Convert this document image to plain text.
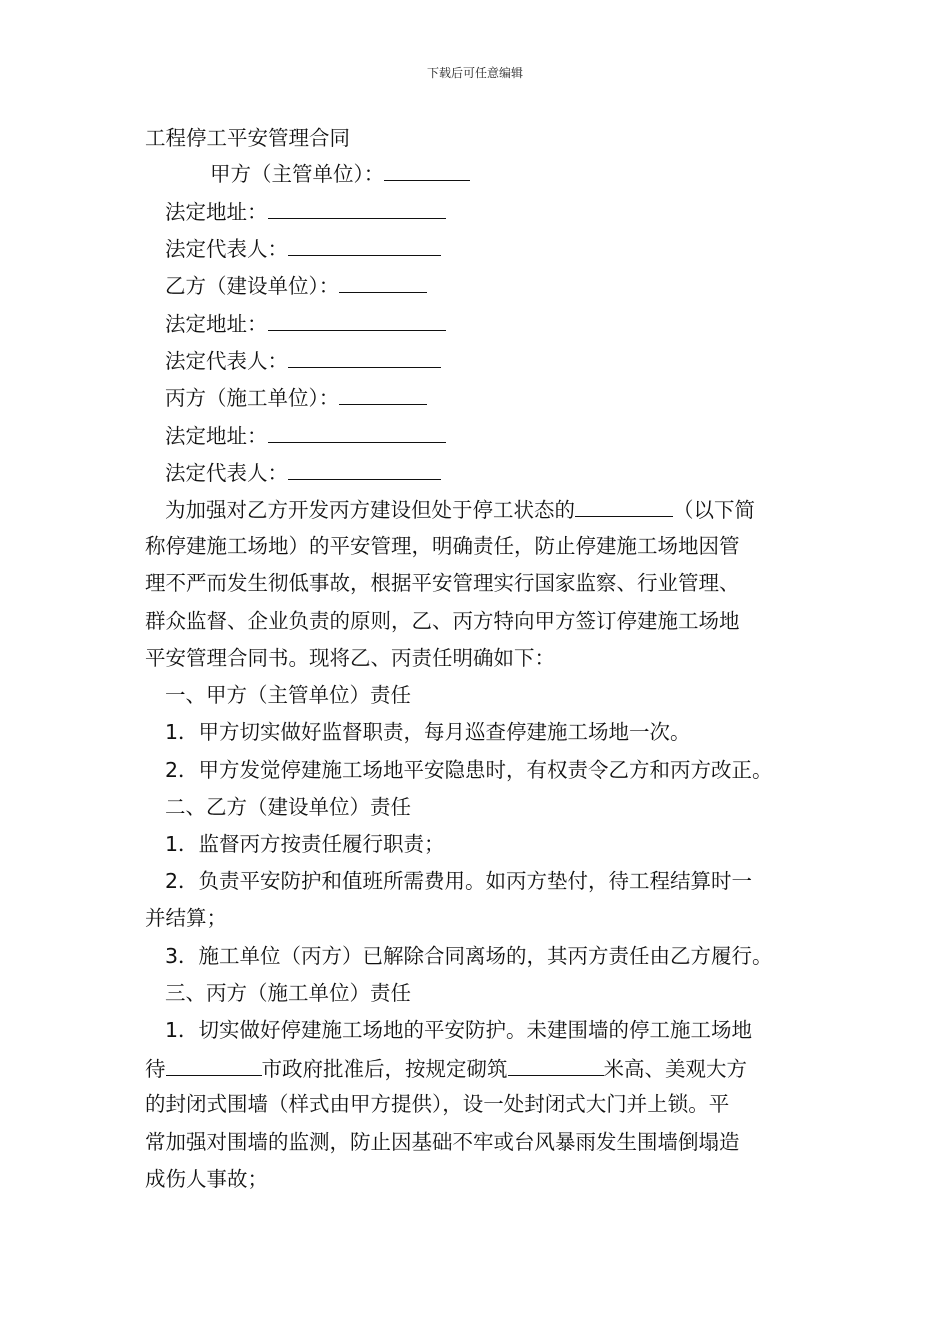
下载后可任意编辑
工程停工平安管理合同
甲方（主管单位）：
法定地址：
法定代表人：
乙方（建设单位）：
法定地址：
法定代表人：
丙方（施工单位）：
法定地址：
法定代表人：
为加强对乙方开发丙方建设但处于停工状态的	（以下简
称停建施工场地）的平安管理，明确责任，防止停建施工场地因管
理不严而发生彻低事故，根据平安管理实行国家监察、行业管理、
群众监督、企业负责的原则，乙、丙方特向甲方签订停建施工场地
平安管理合同书。现将乙、丙责任明确如下：
一、甲方（主管单位）责任
1．甲方切实做好监督职责，每月巡查停建施工场地一次。
2．甲方发觉停建施工场地平安隐患时，有权责令乙方和丙方改正。
二、乙方（建设单位）责任
1．监督丙方按责任履行职责；
2．负责平安防护和值班所需费用。如丙方垫付，待工程结算时一
并结算；
3．施工单位（丙方）已解除合同离场的，其丙方责任由乙方履行。
三、丙方（施工单位）责任
1．切实做好停建施工场地的平安防护。未建围墙的停工施工场地
待	市政府批准后，按规定砌筑	米高、美观大方
的封闭式围墙（样式由甲方提供），设一处封闭式大门并上锁。平
常加强对围墙的监测，防止因基础不牢或台风暴雨发生围墙倒塌造
成伤人事故；
